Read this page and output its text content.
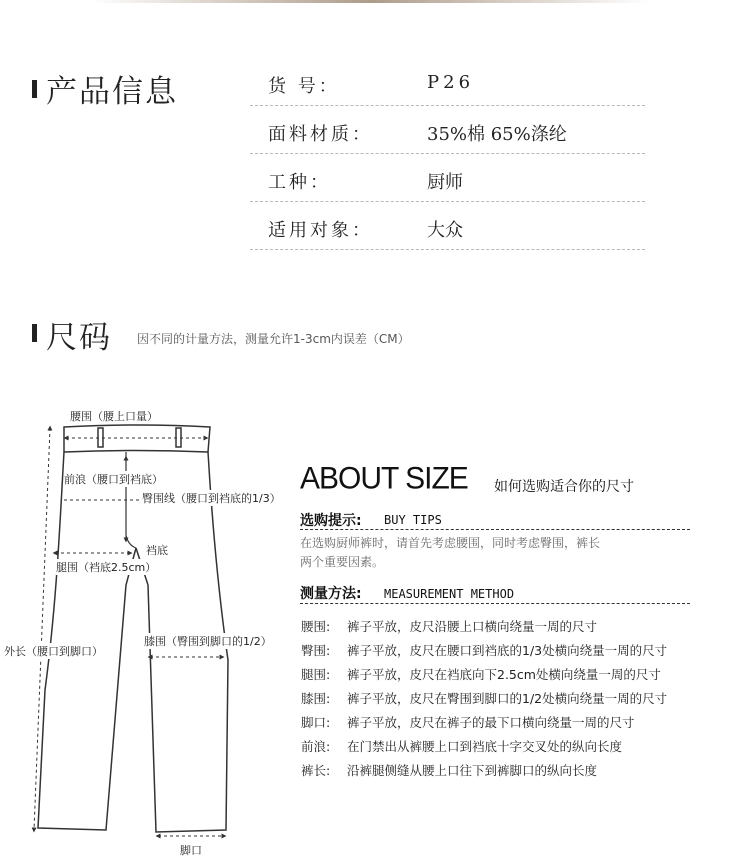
产品信息	货 号：	P26
面料材质：	35%棉 65%涤纶
工种：	厨师
适用对象：	大众
尺码 因不同的计量方法，测量允许1-3cm内误差（CM）
腰围（腰上口量）
前浪（腰口到裆底）
臀围线（腰口到裆底的1/3）
裆底
腿围（裆底2.5cm）
外长（腰口到脚口）
膝围（臀围到脚口的1/2）
脚口
ABOUT SIZE 如何选购适合你的尺寸
选购提示: BUY TIPS
在选购厨师裤时，请首先考虑腰围，同时考虑臀围，裤长
两个重要因素。
测量方法: MEASUREMENT METHOD
腰围: 裤子平放，皮尺沿腰上口横向绕量一周的尺寸
臀围: 裤子平放，皮尺在腰口到裆底的1/3处横向绕量一周的尺寸
腿围: 裤子平放，皮尺在裆底向下2.5cm处横向绕量一周的尺寸
膝围: 裤子平放，皮尺在臀围到脚口的1/2处横向绕量一周的尺寸
脚口: 裤子平放，皮尺在裤子的最下口横向绕量一周的尺寸
前浪: 在门禁出从裤腰上口到裆底十字交叉处的纵向长度
裤长: 沿裤腿侧缝从腰上口往下到裤脚口的纵向长度
